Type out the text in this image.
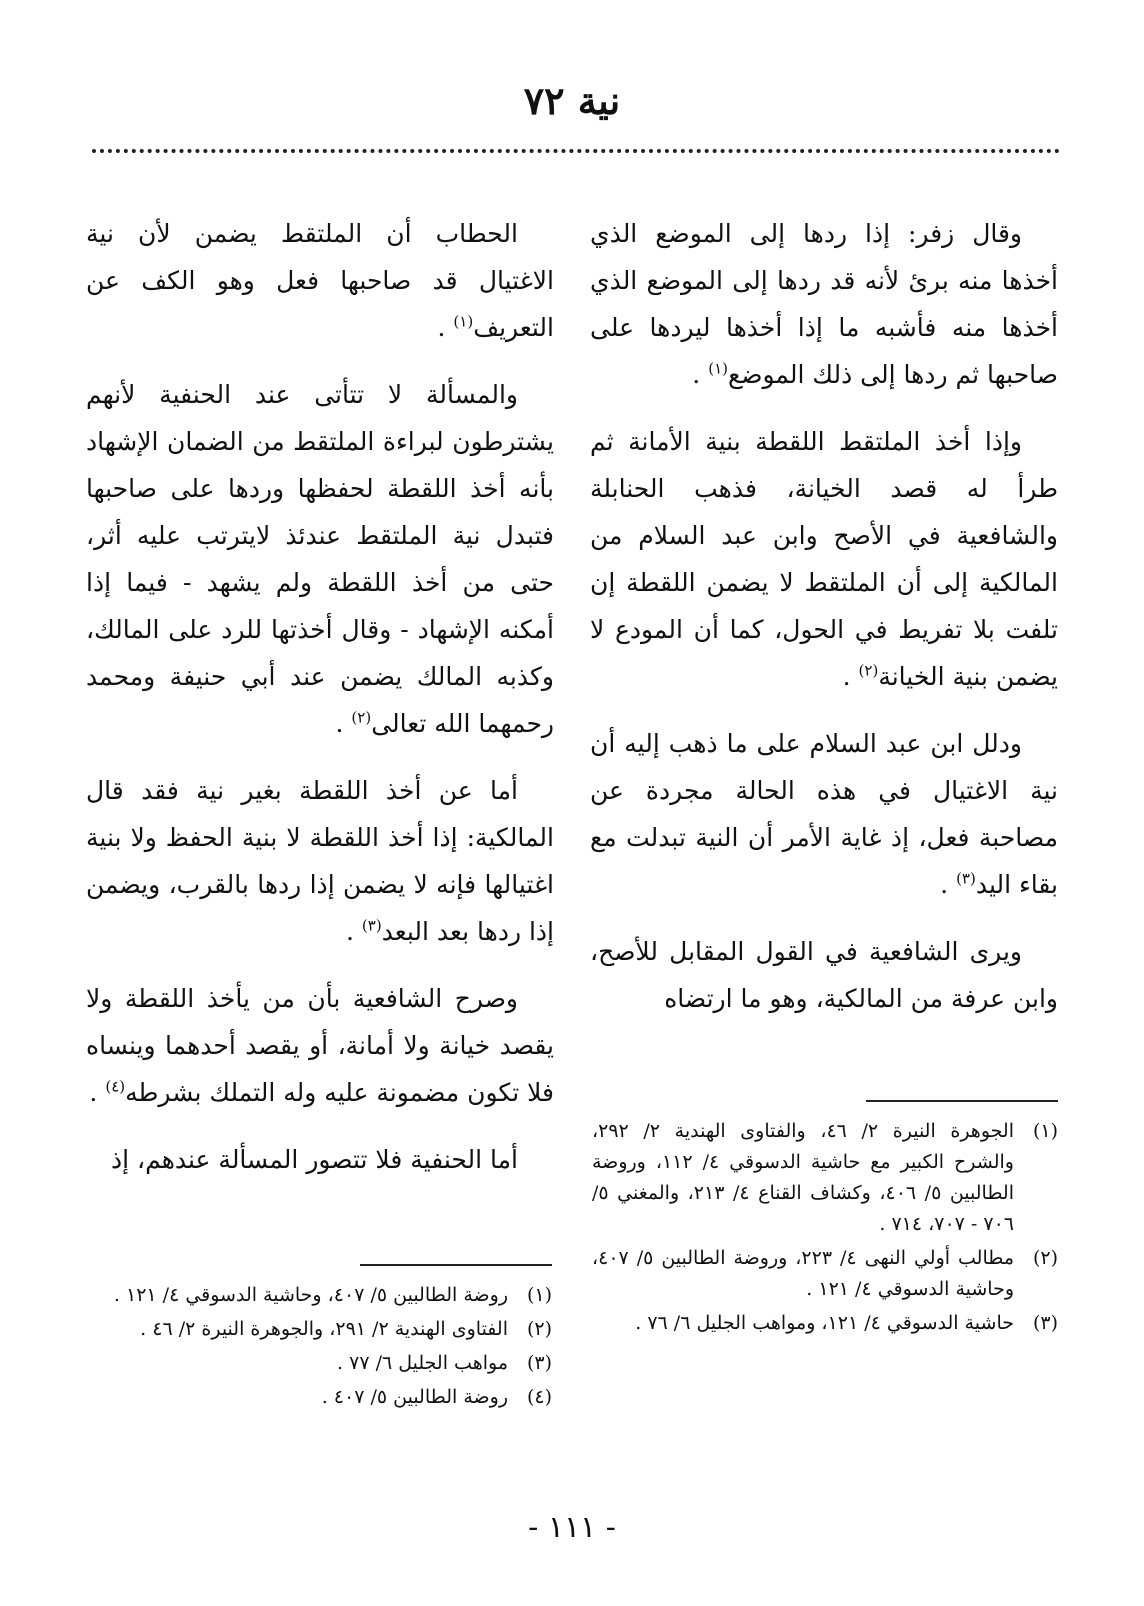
نية ٧٢

وقال زفر: إذا ردها إلى الموضع الذي أخذها منه برئ لأنه قد ردها إلى الموضع الذي أخذها منه فأشبه ما إذا أخذها ليردها على صاحبها ثم ردها إلى ذلك الموضع$^{(١)}$ .

وإذا أخذ الملتقط اللقطة بنية الأمانة ثم طرأ له قصد الخيانة، فذهب الحنابلة والشافعية في الأصح وابن عبد السلام من المالكية إلى أن الملتقط لا يضمن اللقطة إن تلفت بلا تفريط في الحول، كما أن المودع لا يضمن بنية الخيانة$^{(٢)}$ .

ودلل ابن عبد السلام على ما ذهب إليه أن نية الاغتيال في هذه الحالة مجردة عن مصاحبة فعل، إذ غاية الأمر أن النية تبدلت مع بقاء اليد$^{(٣)}$ .

ويرى الشافعية في القول المقابل للأصح، وابن عرفة من المالكية، وهو ما ارتضاه

الحطاب أن الملتقط يضمن لأن نية الاغتيال قد صاحبها فعل وهو الكف عن التعريف$^{(١)}$ .

والمسألة لا تتأتى عند الحنفية لأنهم يشترطون لبراءة الملتقط من الضمان الإشهاد بأنه أخذ اللقطة لحفظها وردها على صاحبها فتبدل نية الملتقط عندئذ لايترتب عليه أثر، حتى من أخذ اللقطة ولم يشهد - فيما إذا أمكنه الإشهاد - وقال أخذتها للرد على المالك، وكذبه المالك يضمن عند أبي حنيفة ومحمد رحمهما الله تعالى$^{(٢)}$ .

أما عن أخذ اللقطة بغير نية فقد قال المالكية: إذا أخذ اللقطة لا بنية الحفظ ولا بنية اغتيالها فإنه لا يضمن إذا ردها بالقرب، ويضمن إذا ردها بعد البعد$^{(٣)}$ .

وصرح الشافعية بأن من يأخذ اللقطة ولا يقصد خيانة ولا أمانة، أو يقصد أحدهما وينساه فلا تكون مضمونة عليه وله التملك بشرطه$^{(٤)}$ .

أما الحنفية فلا تتصور المسألة عندهم، إذ

(١)
الجوهرة النيرة ٢/ ٤٦، والفتاوى الهندية ٢/ ٢٩٢، والشرح الكبير مع حاشية الدسوقي ٤/ ١١٢، وروضة الطالبين ٥/ ٤٠٦، وكشاف القناع ٤/ ٢١٣، والمغني ٥/ ٧٠٦ - ٧٠٧، ٧١٤ .
(٢)
مطالب أولي النهى ٤/ ٢٢٣، وروضة الطالبين ٥/ ٤٠٧، وحاشية الدسوقي ٤/ ١٢١ .
(٣)
حاشية الدسوقي ٤/ ١٢١، ومواهب الجليل ٦/ ٧٦ .
(١)
روضة الطالبين ٥/ ٤٠٧، وحاشية الدسوقي ٤/ ١٢١ .
(٢)
الفتاوى الهندية ٢/ ٢٩١، والجوهرة النيرة ٢/ ٤٦ .
(٣)
مواهب الجليل ٦/ ٧٧ .
(٤)
روضة الطالبين ٥/ ٤٠٧ .
- ١١١ -
